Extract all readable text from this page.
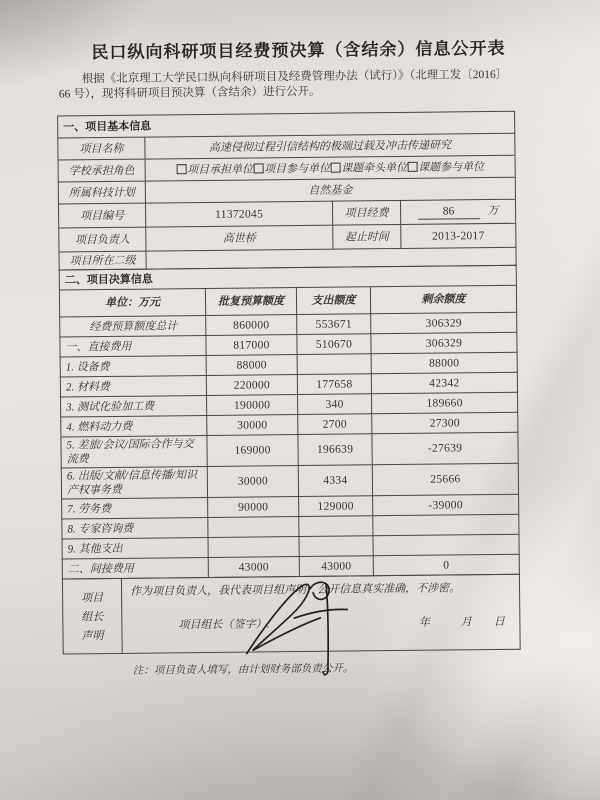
民口纵向科研项目经费预决算（含结余）信息公开表

根据《北京理工大学民口纵向科研项目及经费管理办法（试行）》（北理工发〔2016〕66 号），现将科研项目预决算（含结余）进行公开。

一、项目基本信息			
项目名称	高速侵彻过程引信结构的极端过载及冲击传递研究		
学校承担角色	项目承担单位 项目参与单位 课题牵头单位 课题参与单位		
所属科技计划	自然基金		
项目编号	11372045	项目经费	86 万
项目负责人	高世桥	起止时间	2013-2017
项目所在二级			
二、项目决算信息			
单位：万元	批复预算额度	支出额度	剩余额度
经费预算额度总计	860000	553671	306329
一、直接费用	817000	510670	306329
1. 设备费	88000		88000
2. 材料费	220000	177658	42342
3. 测试化验加工费	190000	340	189660
4. 燃料动力费	30000	2700	27300
5. 差旅/会议/国际合作与交流费	169000	196639	-27639
6. 出版/文献/信息传播/知识产权事务费	30000	4334	25666
7. 劳务费	90000	129000	-39000
8. 专家咨询费			
9. 其他支出			
二、间接费用	43000	43000	0
项目
组长
声明

作为项目负责人，我代表项目组声明：公开信息真实准确，不涉密。

项目组长（签字）:	年	月	日

注：项目负责人填写，由计划财务部负责公开。
